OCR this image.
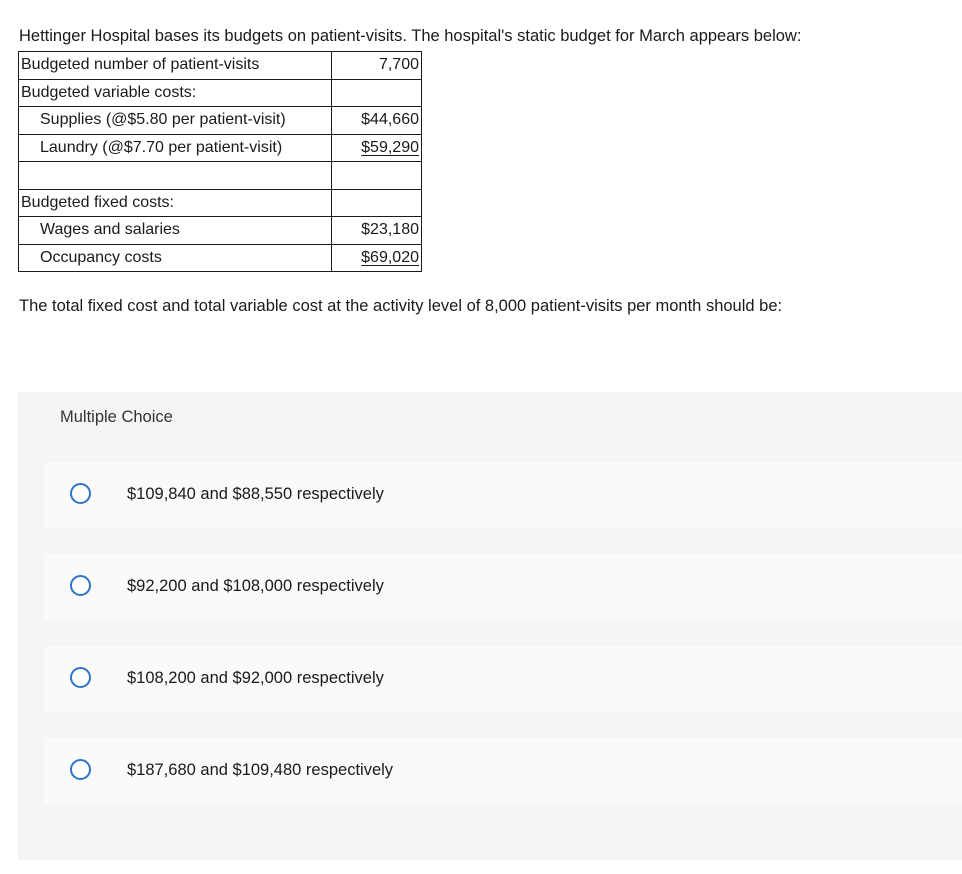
Hettinger Hospital bases its budgets on patient-visits. The hospital's static budget for March appears below:

Budgeted number of patient-visits	7,700
Budgeted variable costs:	
Supplies (@$5.80 per patient-visit)	$44,660
Laundry (@$7.70 per patient-visit)	$59,290

Budgeted fixed costs:	
Wages and salaries	$23,180
Occupancy costs	$69,020

The total fixed cost and total variable cost at the activity level of 8,000 patient-visits per month should be:

Multiple Choice
$109,840 and $88,550 respectively
$92,200 and $108,000 respectively
$108,200 and $92,000 respectively
$187,680 and $109,480 respectively
